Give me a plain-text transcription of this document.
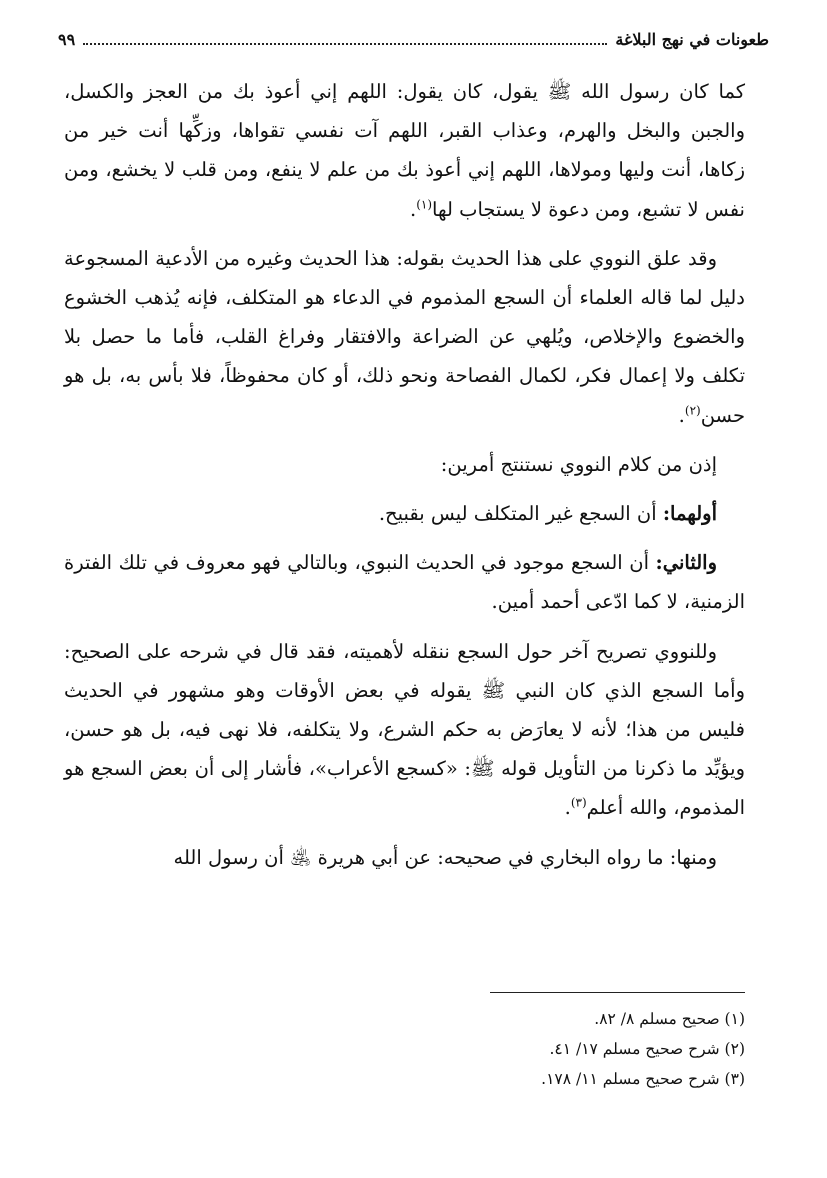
طعونات في نهج البلاغة
٩٩

كما كان رسول الله ﷺ يقول، كان يقول: اللهم إني أعوذ بك من العجز والكسل، والجبن والبخل والهرم، وعذاب القبر، اللهم آت نفسي تقواها، وزكِّها أنت خير من زكاها، أنت وليها ومولاها، اللهم إني أعوذ بك من علم لا ينفع، ومن قلب لا يخشع، ومن نفس لا تشبع، ومن دعوة لا يستجاب لها$^{(١)}$.

وقد علق النووي على هذا الحديث بقوله: هذا الحديث وغيره من الأدعية المسجوعة دليل لما قاله العلماء أن السجع المذموم في الدعاء هو المتكلف، فإنه يُذهب الخشوع والخضوع والإخلاص، ويُلهي عن الضراعة والافتقار وفراغ القلب، فأما ما حصل بلا تكلف ولا إعمال فكر، لكمال الفصاحة ونحو ذلك، أو كان محفوظاً، فلا بأس به، بل هو حسن$^{(٢)}$.

إذن من كلام النووي نستنتج أمرين:

أولهما: أن السجع غير المتكلف ليس بقبيح.

والثاني: أن السجع موجود في الحديث النبوي، وبالتالي فهو معروف في تلك الفترة الزمنية، لا كما ادّعى أحمد أمين.

وللنووي تصريح آخر حول السجع ننقله لأهميته، فقد قال في شرحه على الصحيح: وأما السجع الذي كان النبي ﷺ يقوله في بعض الأوقات وهو مشهور في الحديث فليس من هذا؛ لأنه لا يعارَض به حكم الشرع، ولا يتكلفه، فلا نهى فيه، بل هو حسن، ويؤيِّد ما ذكرنا من التأويل قوله ﷺ: «كسجع الأعراب»، فأشار إلى أن بعض السجع هو المذموم، والله أعلم$^{(٣)}$.

ومنها: ما رواه البخاري في صحيحه: عن أبي هريرة ﵁ أن رسول الله

(١) صحيح مسلم ٨/ ٨٢.
(٢) شرح صحيح مسلم ١٧/ ٤١.
(٣) شرح صحيح مسلم ١١/ ١٧٨.
